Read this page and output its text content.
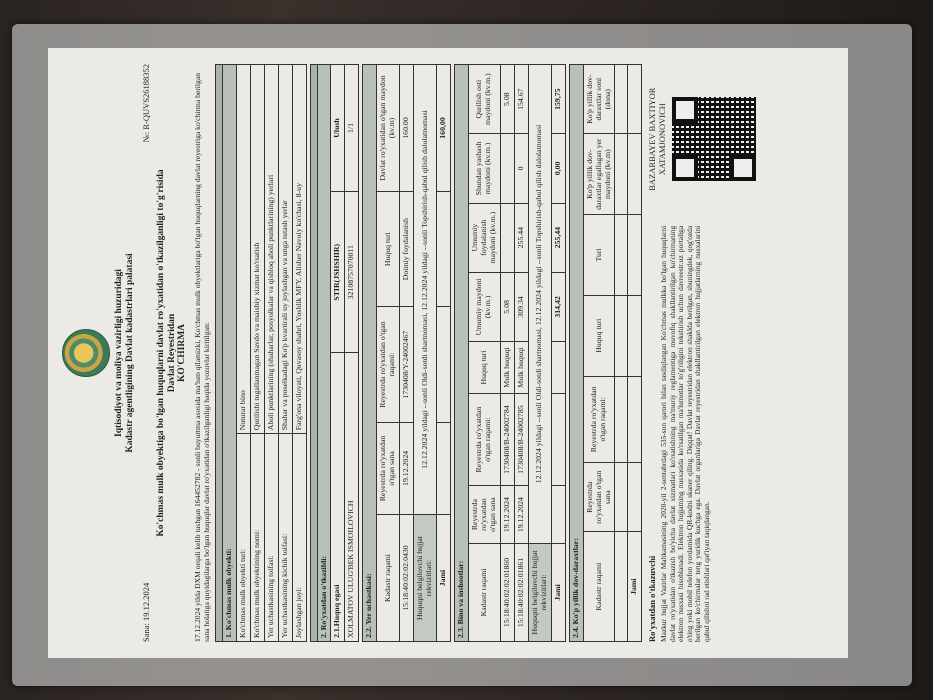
Iqtisodiyot va moliya vazirligi huzuridagi Kadastr agentligining Davlat kadastrlari palatasi
Sana: 19.12.2024
№: R-QUVS26188352
Ko'chmas mulk obyektiga bo'lgan huquqlarni davlat ro'yxatidan o'tkazilganligi to'g'risida Davlat Reyestridan KO'CHIRMA 17.12.2024 yilda DXM orqali kelib tushgan 164452782 - sonli buyurtma asosida ma'lum qilamizki, Ko'chmas mulk obyektlariga bo'lgan huquqlarning davlat reyestriga ko'chirma berilgan sana holatiga quyidagilarga bo'lgan huquqlar davlat ro'yxatidan o'tkazilganligi haqida yozuvlar kiritilgan: 1. Ko'chmas mulk obyekti:	
Ko'chmas mulk obyekti turi:	Noturar bino
Ko'chmas mulk obyektining nomi:	Qurilishi tugallanmagan Savdo va maishiy xizmat ko'rsatish
Yer uchastkasining toifasi:	Aholi punktlarining (shaharlar, posyolkalar va qishloq aholi punktlarining) yerlari
Yer uchastkasining kichik toifasi:	Shahar va poselkadagi Ko'p kvartirali uy joylashgan va unga tutash yerlar
Joylashgan joyi:	Farg'ona viloyati, Quvasoy shahri, Yoshlik MFY, Alisher Navoiy ko'chasi, 8-uy

2. Ro'yxatdan o'tkazildi:		
2.1.Huquq egasi	STIR(JSHSHIR)	Ulush
XOLMATOV ULUG'BEK ISMOILOVICH	32108757070011	1/1
2.2. Yer uchastkasi:				
Kadastr raqami	Reyestrda ro'yxatdan o'tgan sana	Reyestrda ro'yxatdan o'tgan raqami:	Huquq turi	Davlat ro'yxatidan o'tgan maydon (kv.m)
15:18:40:02:02:0430	19.12.2024	1730408/Y-24002467	Doimiy foydalanish	160.00
Huquqni belgilovchi hujjat rekvizitlari:	12.12.2024 yildagi --sonli Oldi-sotdi shartnomasi, 12.12.2024 yildagi --sonli Topshirish-qabul qilish dalolatnomasi			
Jami				160,00
2.3. Bino va inshootlar:							
Kadastr raqami	Reyestrda ro'yxatdan o'tgan sana	Reyestrda ro'yxatdan o'tgan raqami:	Huquq turi	Umumiy maydoni (kv.m.)	Umumiy foydalanish maydoni (kv.m.)	Shundan yashash maydoni (kv.m.)	Qurilish osti maydoni (kv.m.)
15:18:40:02:02:01860	19.12.2024	1730408/B-24002784	Mulk huquqi	5.08			5.08
15:18:40:02:02:01861	19.12.2024	1730408/B-24002785	Mulk huquqi	309.34	255.44	0	154.67
Huquqni belgilovchi hujjat rekvizitlari:	12.12.2024 yildagi --sonli Oldi-sotdi shartnomasi, 12.12.2024 yildagi --sonli Topshirish-qabul qilish dalolatnomasi						
Jami				314,42	255,44	0,00	159,75
2.4. Ko'p yillik dov-daraxtlar:						
Kadastr raqami	Reyestrda ro'yxatdan o'tgan sana	Reyestrda ro'yxatdan o'tgan raqami:	Huquq turi	Turi	Ko'p yillik dov-daraxtlar egallagan yer maydoni (kv.m)	Ko'p yillik dov-daraxtlar soni (dona)

Jami						Ro'yxatdan o'tkazuvchi Mazkur hujjat Vazirlar Mahkamasining 2020-yil 2-sentabrdagi 535-son qarori bilan tasdiqlangan Ko'chmas mulkka bo'lgan huquqlarni davlat ro'yxatidan o'tkazish bo'yicha davlat xizmatlari ko'rsatishning ma'muriy reglamentiga muvofiq shakllantirilgan ko'chirmaning elektron nusxasi hisoblanadi. Elektron hujjatning nusxasida ko'rsatilgan ma'lumotlar to'g'riligini tekshirish uchun davreestr.uz portaliga o'ting yoki mobil telefon yordamida QR-kodni skaner qiling. Diqqat! Davlat reyestridan elektron shaklda berilgan, shuningdek, qog'ozda berilgan ko'chirmalar teng yuridik kuchga ega. Davlat organlariga Davlat reyestridan shakllantirilgan elektron hujjatlarning nusxalarini qabul qilishni rad etishlari qat'iyan taqiqlangan.
BAZARBAYEV BAXTIYOR XATAMJONOVICH
